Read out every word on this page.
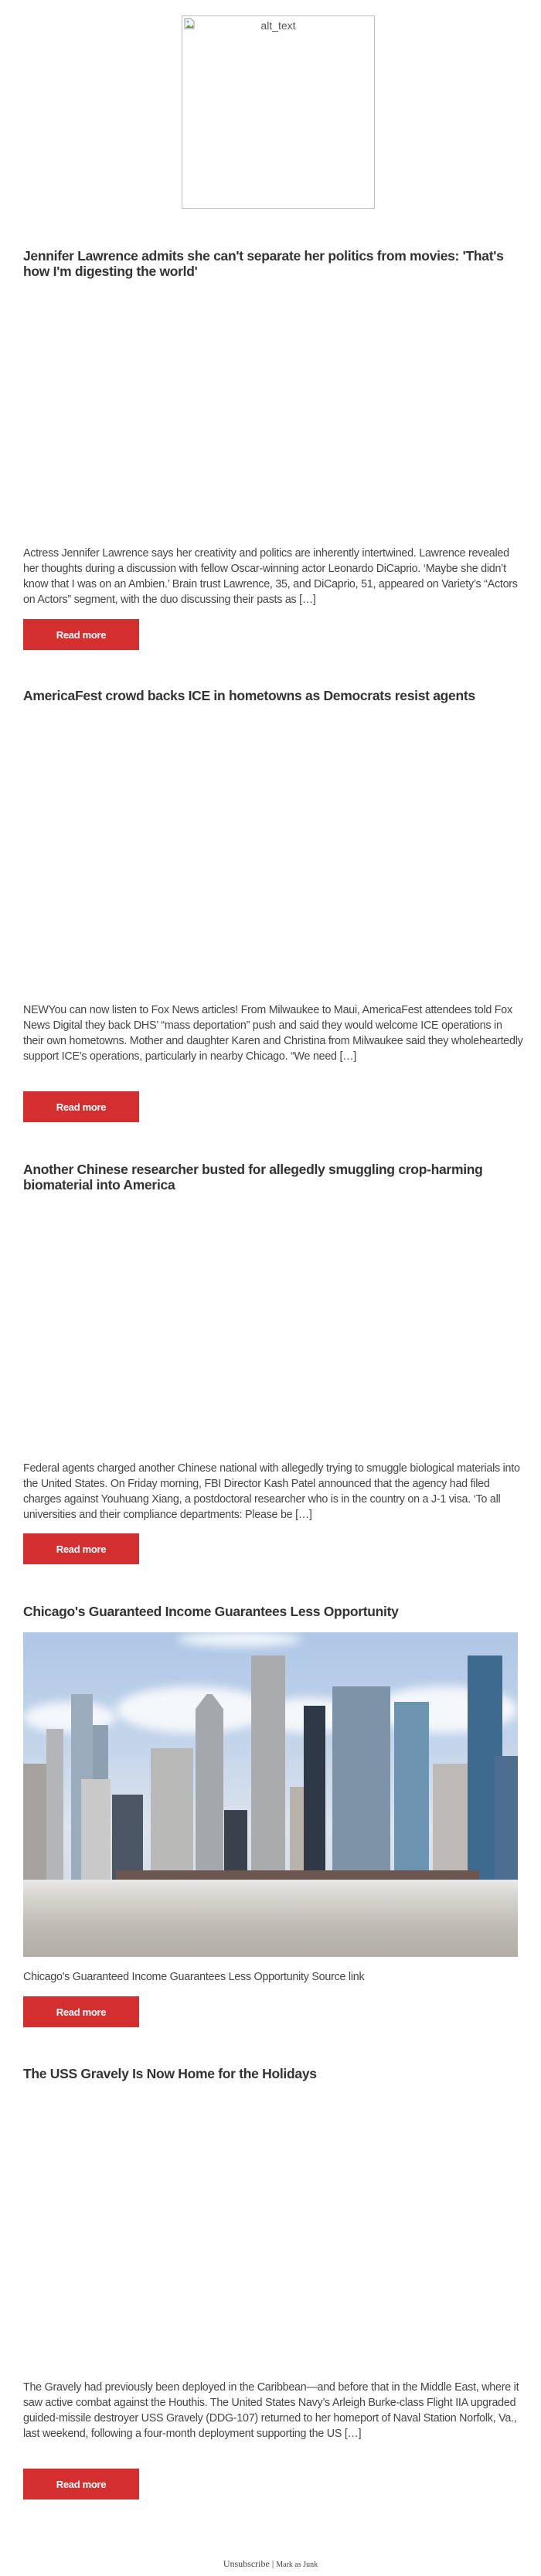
alt_text
Jennifer Lawrence admits she can't separate her politics from movies: 'That's how I'm digesting the world'

Actress Jennifer Lawrence says her creativity and politics are inherently intertwined. Lawrence revealed her thoughts during a discussion with fellow Oscar-winning actor Leonardo DiCaprio. ‘Maybe she didn’t know that I was on an Ambien.’ Brain trust Lawrence, 35, and DiCaprio, 51, appeared on Variety’s “Actors on Actors” segment, with the duo discussing their pasts as […]

Read more
AmericaFest crowd backs ICE in hometowns as Democrats resist agents

NEWYou can now listen to Fox News articles! From Milwaukee to Maui, AmericaFest attendees told Fox News Digital they back DHS’ “mass deportation” push and said they would welcome ICE operations in their own hometowns. Mother and daughter Karen and Christina from Milwaukee said they wholeheartedly support ICE’s operations, particularly in nearby Chicago. “We need […]

Read more
Another Chinese researcher busted for allegedly smuggling crop-harming biomaterial into America

Federal agents charged another Chinese national with allegedly trying to smuggle biological materials into the United States. On Friday morning, FBI Director Kash Patel announced that the agency had filed charges against Youhuang Xiang, a postdoctoral researcher who is in the country on a J-1 visa. ‘To all universities and their compliance departments: Please be […]

Read more
Chicago's Guaranteed Income Guarantees Less Opportunity

Chicago's Guaranteed Income Guarantees Less Opportunity Source link

Read more
The USS Gravely Is Now Home for the Holidays

The Gravely had previously been deployed in the Caribbean—and before that in the Middle East, where it saw active combat against the Houthis. The United States Navy’s Arleigh Burke-class Flight IIA upgraded guided-missile destroyer USS Gravely (DDG-107) returned to her homeport of Naval Station Norfolk, Va., last weekend, following a four-month deployment supporting the US […]

Read more
Unsubscribe | Mark as Junk
